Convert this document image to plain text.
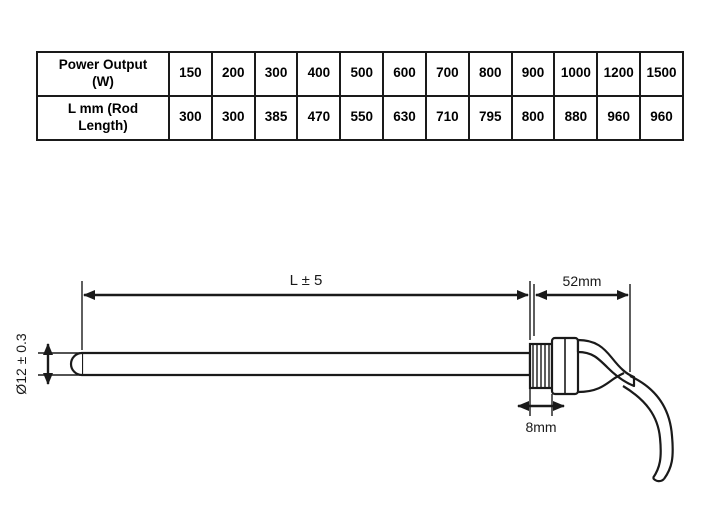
Power Output
(W)	150	200	300	400	500	600	700	800	900	1000	1200	1500
L mm (Rod
Length)	300	300	385	470	550	630	710	795	800	880	960	960
L ± 5	52mm
8mm
Ø12 ± 0.3
